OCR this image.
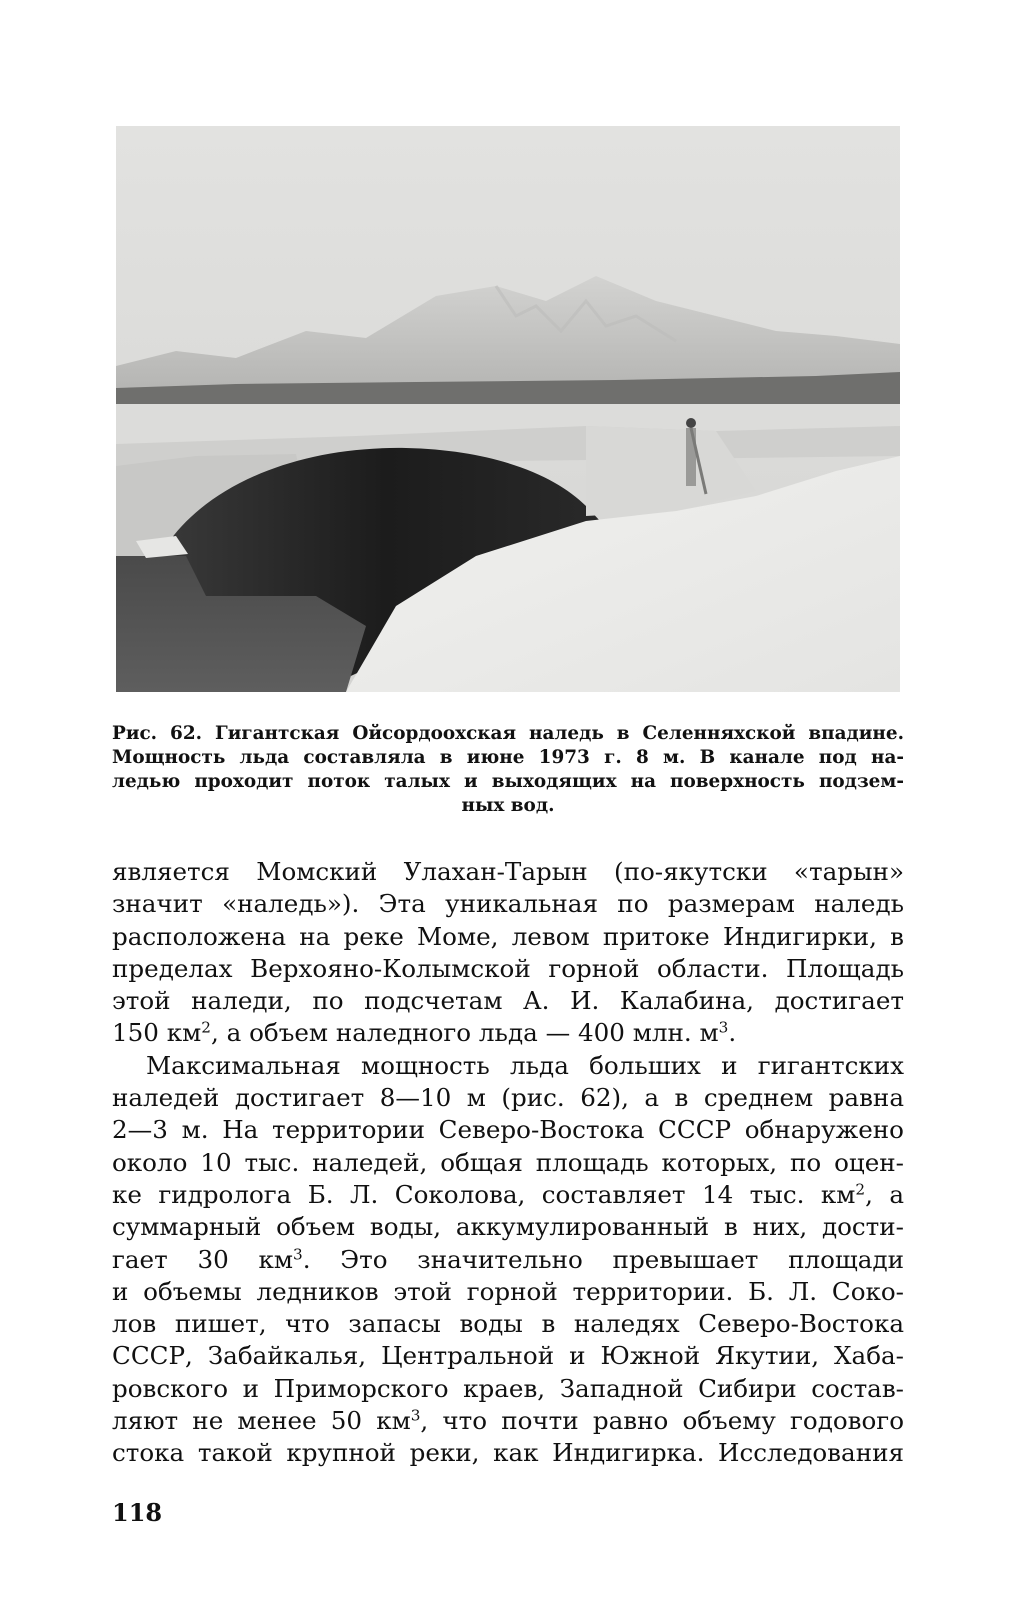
Рис. 62. Гигантская Ойсордоохская наледь в Селенняхской впадине.
Мощность льда составляла в июне 1973 г. 8 м. В канале под на-
ледью проходит поток талых и выходящих на поверхность подзем-
ных вод.
является Момский Улахан-Тарын (по-якутски «тарын»
значит «наледь»). Эта уникальная по размерам наледь
расположена на реке Моме, левом притоке Индигирки, в
пределах Верхояно-Колымской горной области. Площадь
этой наледи, по подсчетам А. И. Калабина, достигает
150 $км^2$, а объем наледного льда — 400 млн. $м^3$.
Максимальная мощность льда больших и гигантских
наледей достигает 8—10 м (рис. 62), а в среднем равна
2—3 м. На территории Северо-Востока СССР обнаружено
около 10 тыс. наледей, общая площадь которых, по оцен-
ке гидролога Б. Л. Соколова, составляет 14 тыс. $км^2$, а
суммарный объем воды, аккумулированный в них, дости-
гает 30 $км^3$. Это значительно превышает площади
и объемы ледников этой горной территории. Б. Л. Соко-
лов пишет, что запасы воды в наледях Северо-Востока
СССР, Забайкалья, Центральной и Южной Якутии, Хаба-
ровского и Приморского краев, Западной Сибири состав-
ляют не менее 50 $км^3$, что почти равно объему годового
стока такой крупной реки, как Индигирка. Исследования
118
